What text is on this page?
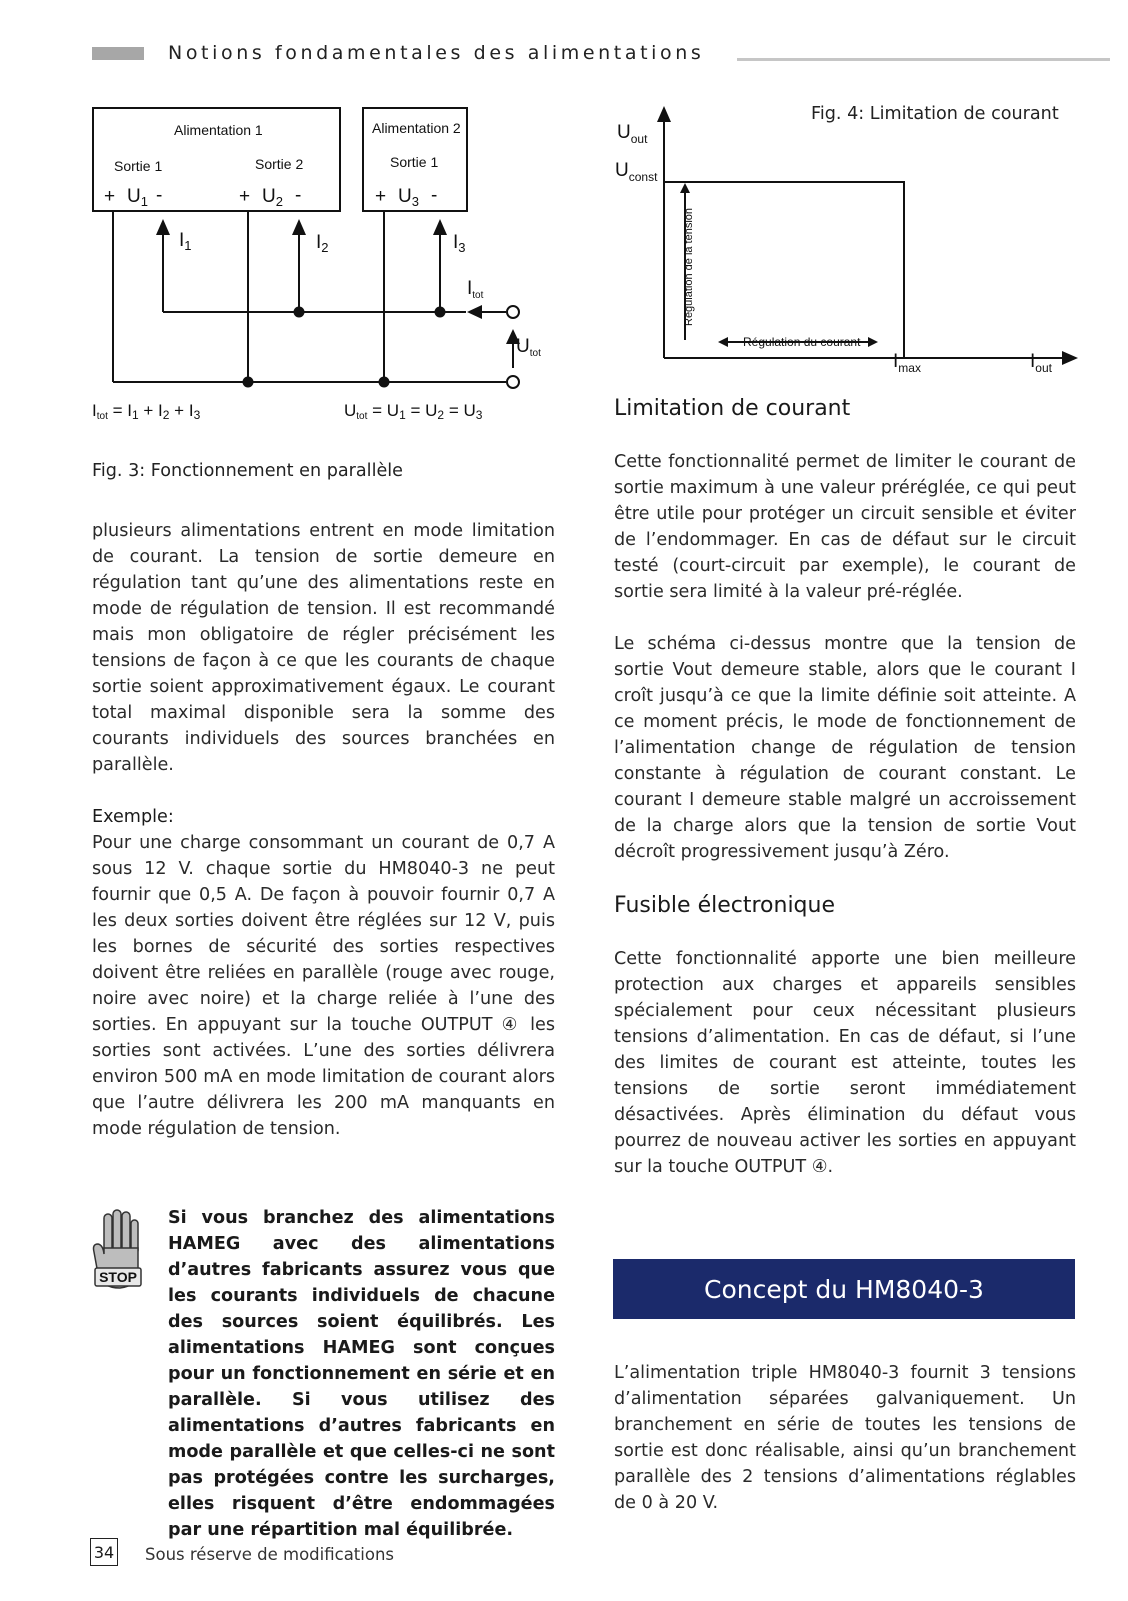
Notions fondamentales des alimentations
Alimentation 1	Alimentation 2
Sortie 1	Sortie 2	Sortie 1
+ $U_1$ -	+ $U_2$ -	+ $U_3$ -
$I_1$	$I_2$	$I_3$
$I_{tot}$
$U_{tot}$
Itot = I1 + I2 + I3	Utot = U1 = U2 = U3
Fig. 3: Fonctionnement en parallèle
$U_{out}$
$U_{const}$
$I_{max}$	$I_{out}$
Régulation de la tension
Régulation du courant
Fig. 4: Limitation de courant

plusieurs alimentations entrent en mode limitation de courant. La tension de sortie demeure en régulation tant qu’une des alimentations reste en mode de régulation de tension. Il est recommandé mais mon obligatoire de régler précisément les tensions de façon à ce que les courants de chaque sortie soient approximativement égaux. Le courant total maximal disponible sera la somme des courants individuels des sources branchées en parallèle.

Exemple:

Pour une charge consommant un courant de 0,7 A sous 12 V. chaque sortie du HM8040-3 ne peut fournir que 0,5 A. De façon à pouvoir fournir 0,7 A les deux sorties doivent être réglées sur 12 V, puis les bornes de sécurité des sorties respectives doivent être reliées en parallèle (rouge avec rouge, noire avec noire) et la charge reliée à l’une des sorties. En appuyant sur la touche OUTPUT ④ les sorties sont activées. L’une des sorties délivrera environ 500 mA en mode limitation de courant alors que l’autre délivrera les 200 mA manquants en mode régulation de tension.

STOP

Si vous branchez des alimentations HAMEG avec des alimentations d’autres fabricants assurez vous que les courants individuels de chacune des sources soient équilibrés. Les alimentations HAMEG sont conçues pour un fonctionnement en série et en parallèle. Si vous utilisez des alimentations d’autres fabricants en mode parallèle et que celles-ci ne sont pas protégées contre les surcharges, elles risquent d’être endommagées par une répartition mal équilibrée.

Limitation de courant

Cette fonctionnalité permet de limiter le courant de sortie maximum à une valeur préréglée, ce qui peut être utile pour protéger un circuit sensible et éviter de l’endommager. En cas de défaut sur le circuit testé (court-circuit par exemple), le courant de sortie sera limité à la valeur pré-réglée.

Le schéma ci-dessus montre que la tension de sortie Vout demeure stable, alors que le courant I croît jusqu’à ce que la limite définie soit atteinte. A ce moment précis, le mode de fonctionnement de l’alimentation change de régulation de tension constante à régulation de courant constant. Le courant I demeure stable malgré un accroissement de la charge alors que la tension de sortie Vout décroît progressivement jusqu’à Zéro.

Fusible électronique

Cette fonctionnalité apporte une bien meilleure protection aux charges et appareils sensibles spécialement pour ceux nécessitant plusieurs tensions d’alimentation. En cas de défaut, si l’une des limites de courant est atteinte, toutes les tensions de sortie seront immédiatement désactivées. Après élimination du défaut vous pourrez de nouveau activer les sorties en appuyant sur la touche OUTPUT ④.

Concept du HM8040-3

L’alimentation triple HM8040-3 fournit 3 tensions d’alimentation séparées galvaniquement. Un branchement en série de toutes les tensions de sortie est donc réalisable, ainsi qu’un branchement parallèle des 2 tensions d’alimentations réglables de 0 à 20 V.

34 Sous réserve de modifications
